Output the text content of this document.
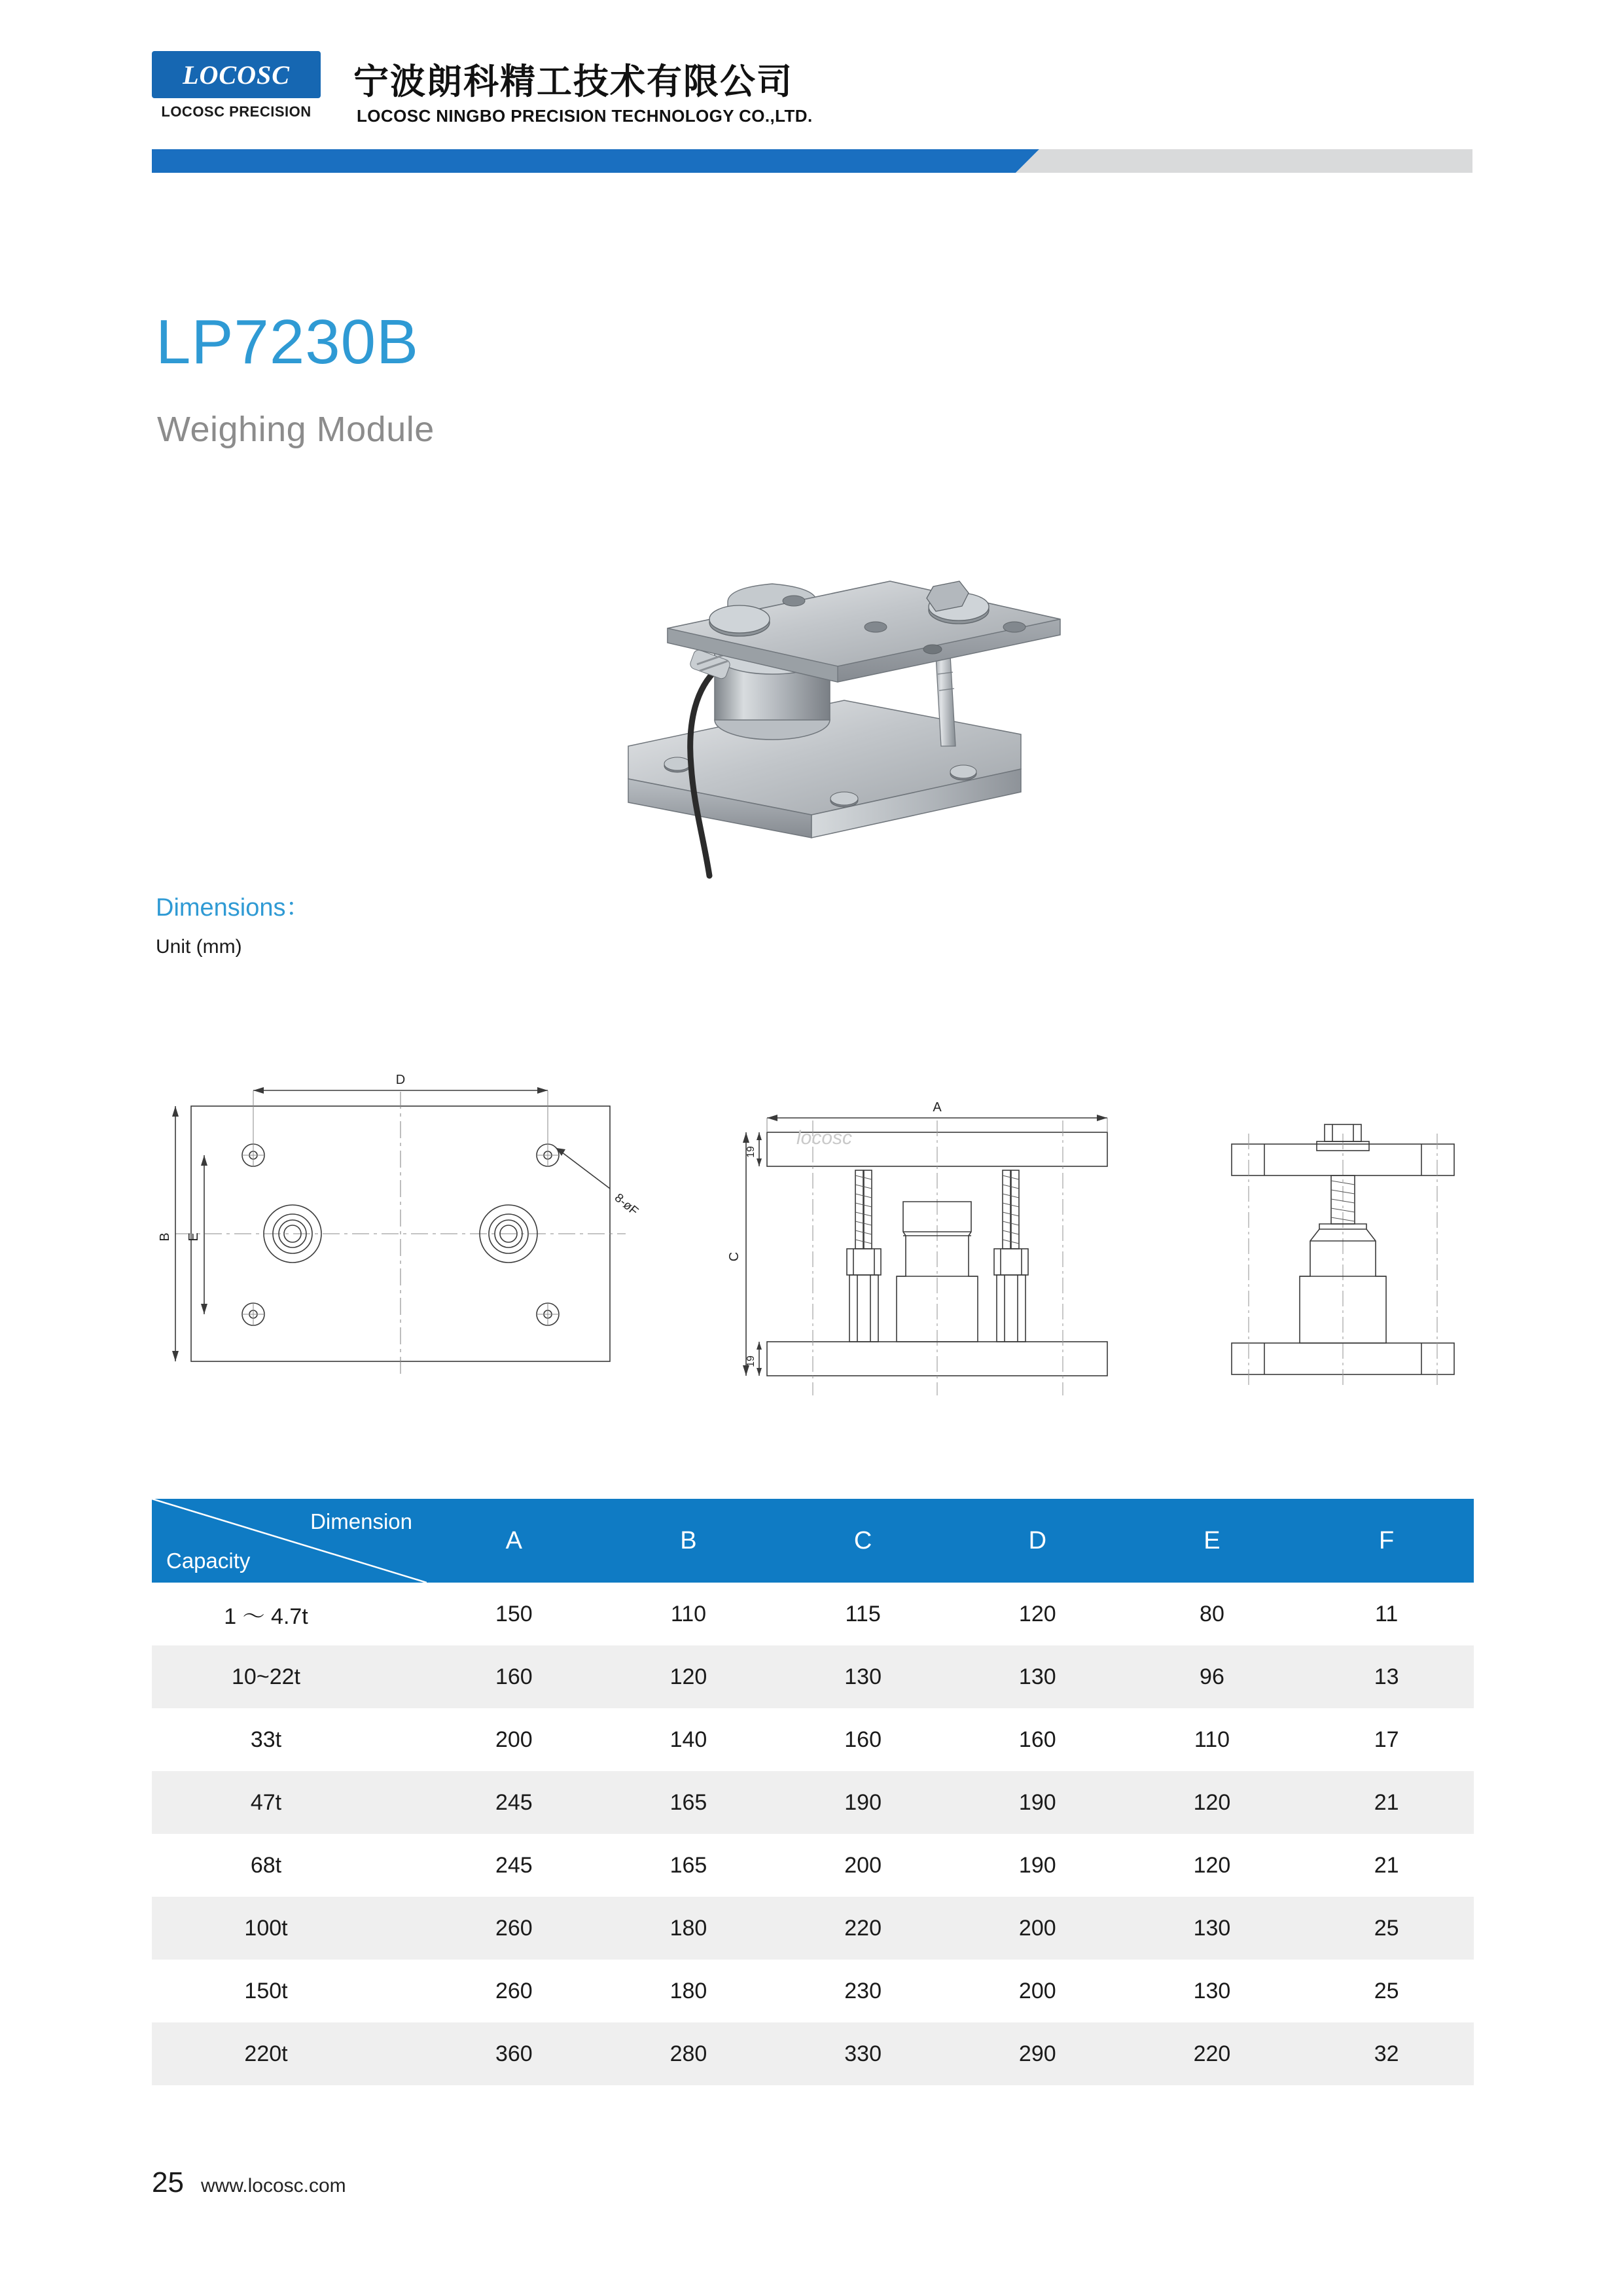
LOCOSC
LOCOSC PRECISION
宁波朗科精工技术有限公司
LOCOSC NINGBO PRECISION TECHNOLOGY CO.,LTD.
LP7230B
Weighing Module
Dimensions：
Unit (mm)
D
B E
8-øF
A
C
19
19
locosc
Dimension
Capacity	A	B	C	D	E	F
1 〜 4.7t	150	110	115	120	80	11
10~22t	160	120	130	130	96	13
33t	200	140	160	160	110	17
47t	245	165	190	190	120	21
68t	245	165	200	190	120	21
100t	260	180	220	200	130	25
150t	260	180	230	200	130	25
220t	360	280	330	290	220	32
25 www.locosc.com
